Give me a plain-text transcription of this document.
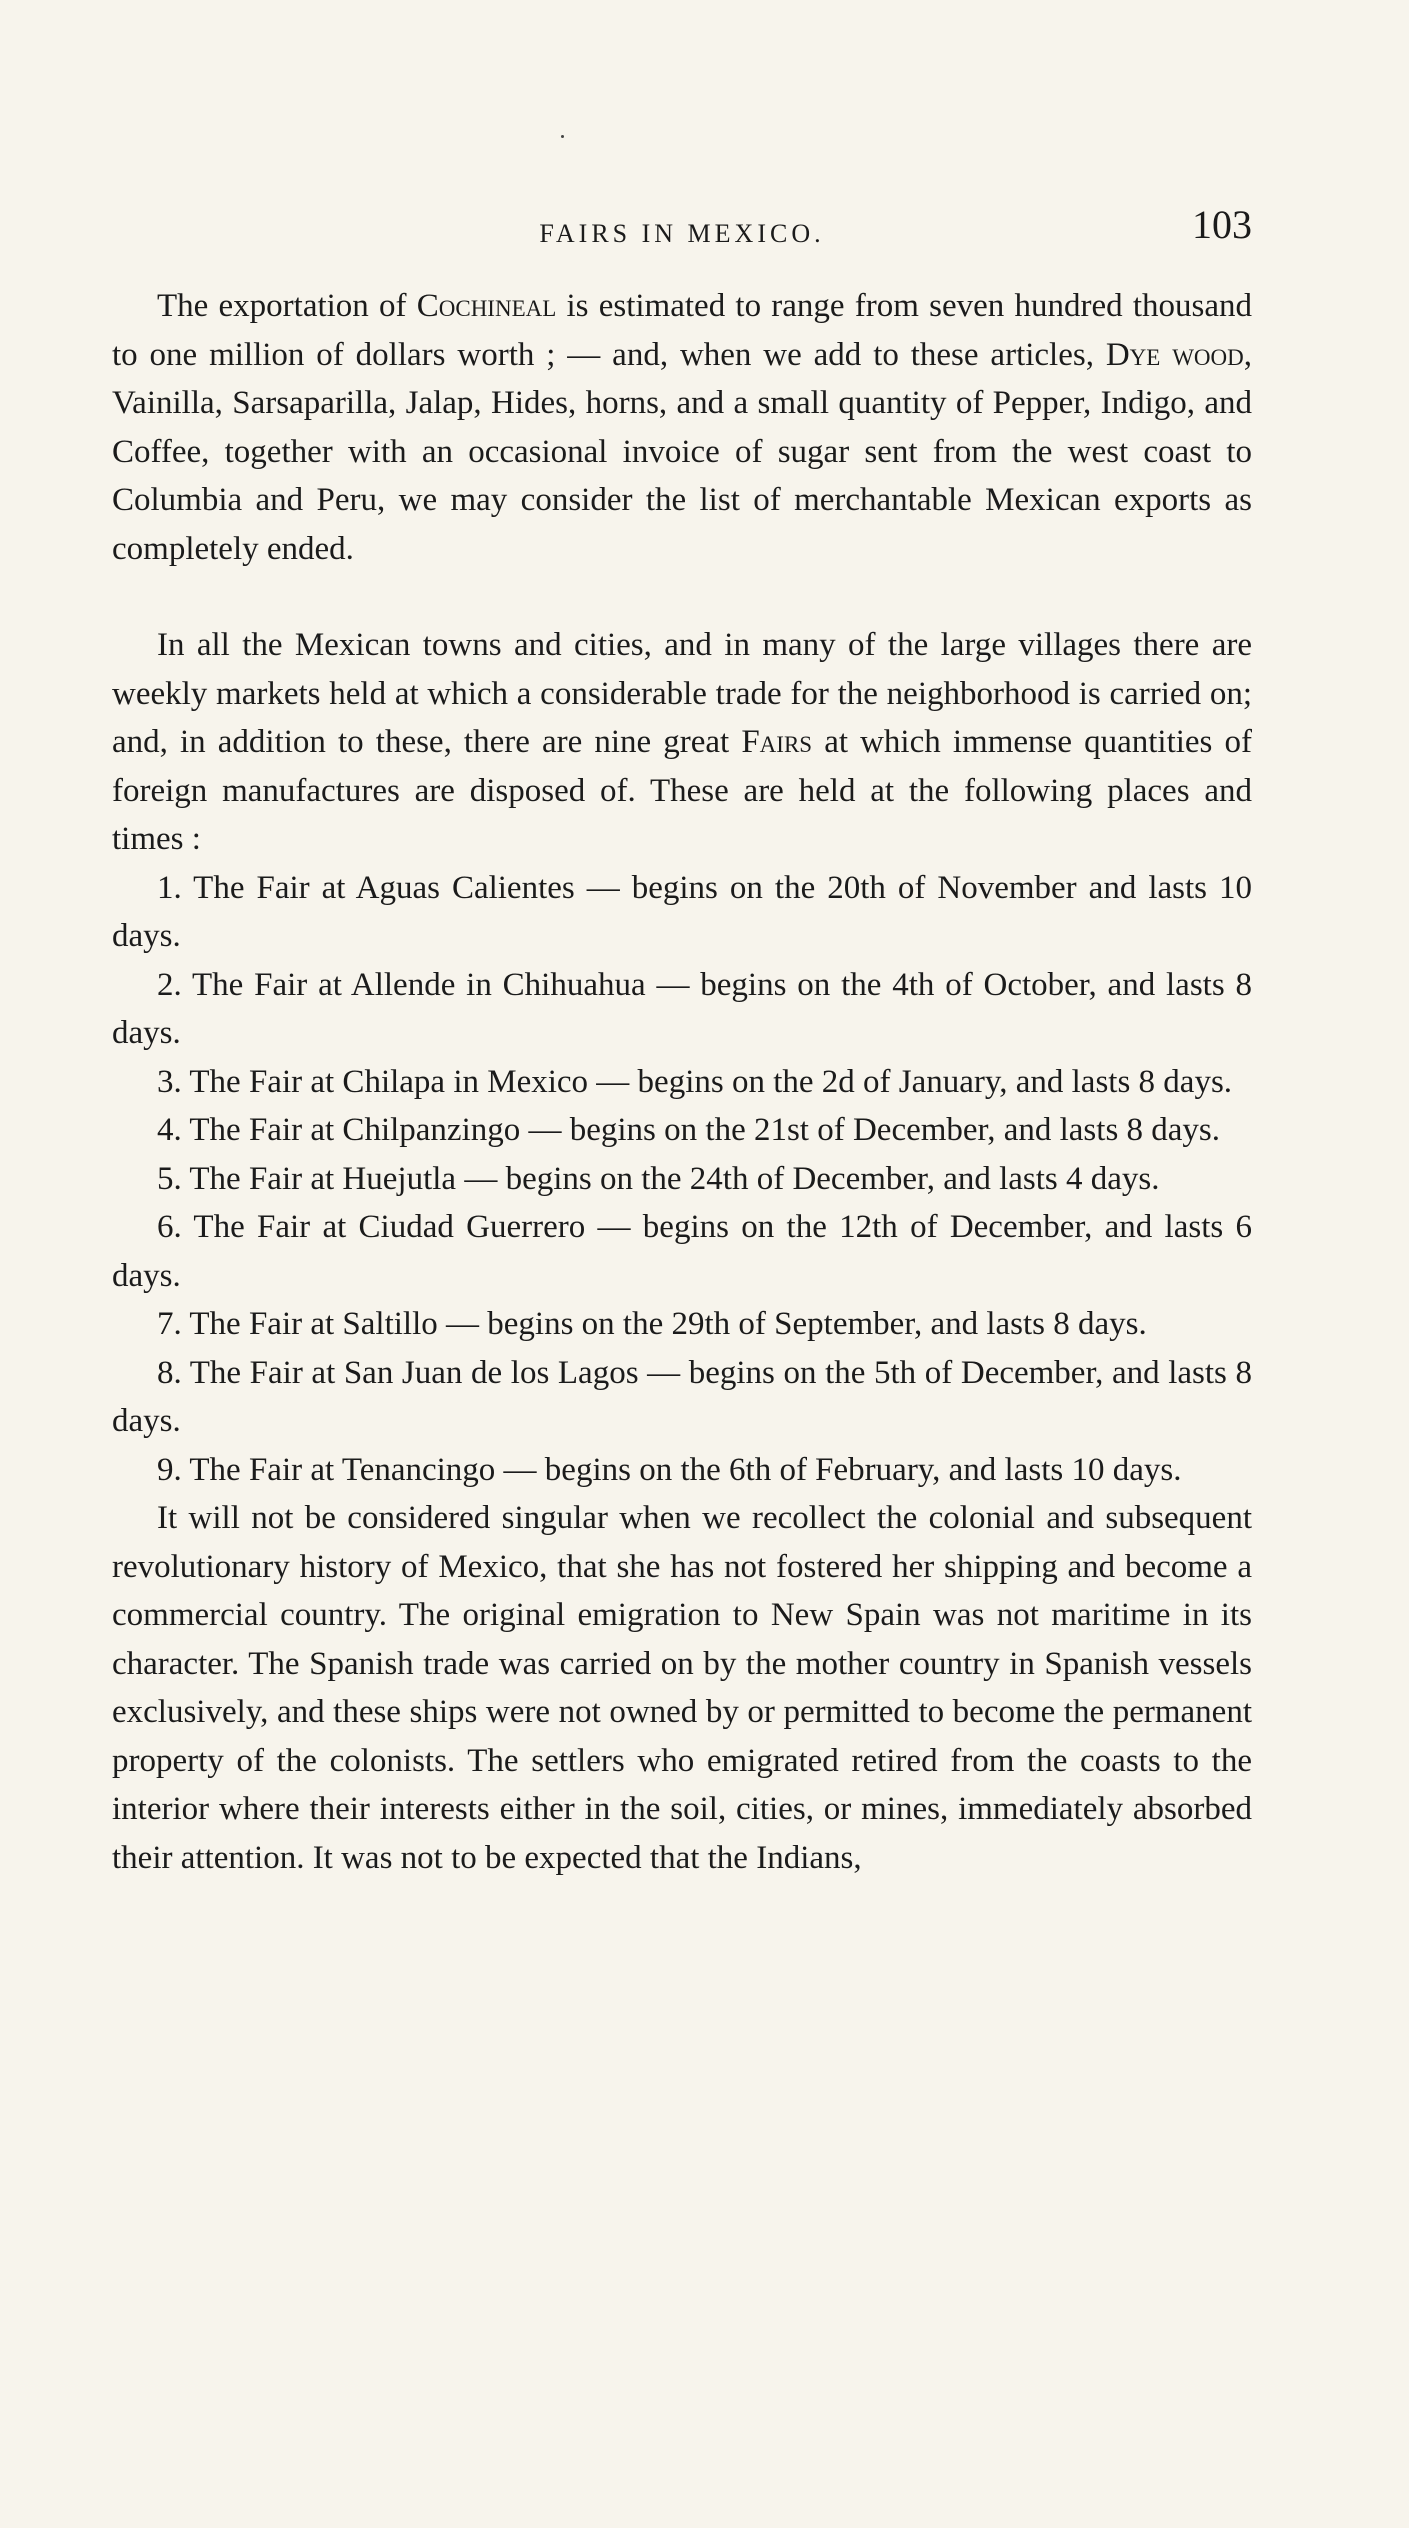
FAIRS IN MEXICO.	103

The exportation of Cochineal is estimated to range from seven hundred thousand to one million of dollars worth ; — and, when we add to these articles, Dye wood, Vainilla, Sarsaparilla, Jalap, Hides, horns, and a small quantity of Pepper, Indigo, and Coffee, together with an occasional invoice of sugar sent from the west coast to Columbia and Peru, we may consider the list of merchantable Mexican exports as completely ended.

In all the Mexican towns and cities, and in many of the large villages there are weekly markets held at which a considerable trade for the neighborhood is carried on; and, in addition to these, there are nine great Fairs at which immense quantities of foreign manufactures are disposed of. These are held at the following places and times :

1. The Fair at Aguas Calientes — begins on the 20th of November and lasts 10 days.

2. The Fair at Allende in Chihuahua — begins on the 4th of October, and lasts 8 days.

3. The Fair at Chilapa in Mexico — begins on the 2d of January, and lasts 8 days.

4. The Fair at Chilpanzingo — begins on the 21st of December, and lasts 8 days.

5. The Fair at Huejutla — begins on the 24th of December, and lasts 4 days.

6. The Fair at Ciudad Guerrero — begins on the 12th of December, and lasts 6 days.

7. The Fair at Saltillo — begins on the 29th of September, and lasts 8 days.

8. The Fair at San Juan de los Lagos — begins on the 5th of December, and lasts 8 days.

9. The Fair at Tenancingo — begins on the 6th of February, and lasts 10 days.

It will not be considered singular when we recollect the colonial and subsequent revolutionary history of Mexico, that she has not fostered her shipping and become a commercial country. The original emigration to New Spain was not maritime in its character. The Spanish trade was carried on by the mother country in Spanish vessels exclusively, and these ships were not owned by or permitted to become the permanent property of the colonists. The settlers who emigrated retired from the coasts to the interior where their interests either in the soil, cities, or mines, immediately absorbed their attention. It was not to be expected that the Indians,
